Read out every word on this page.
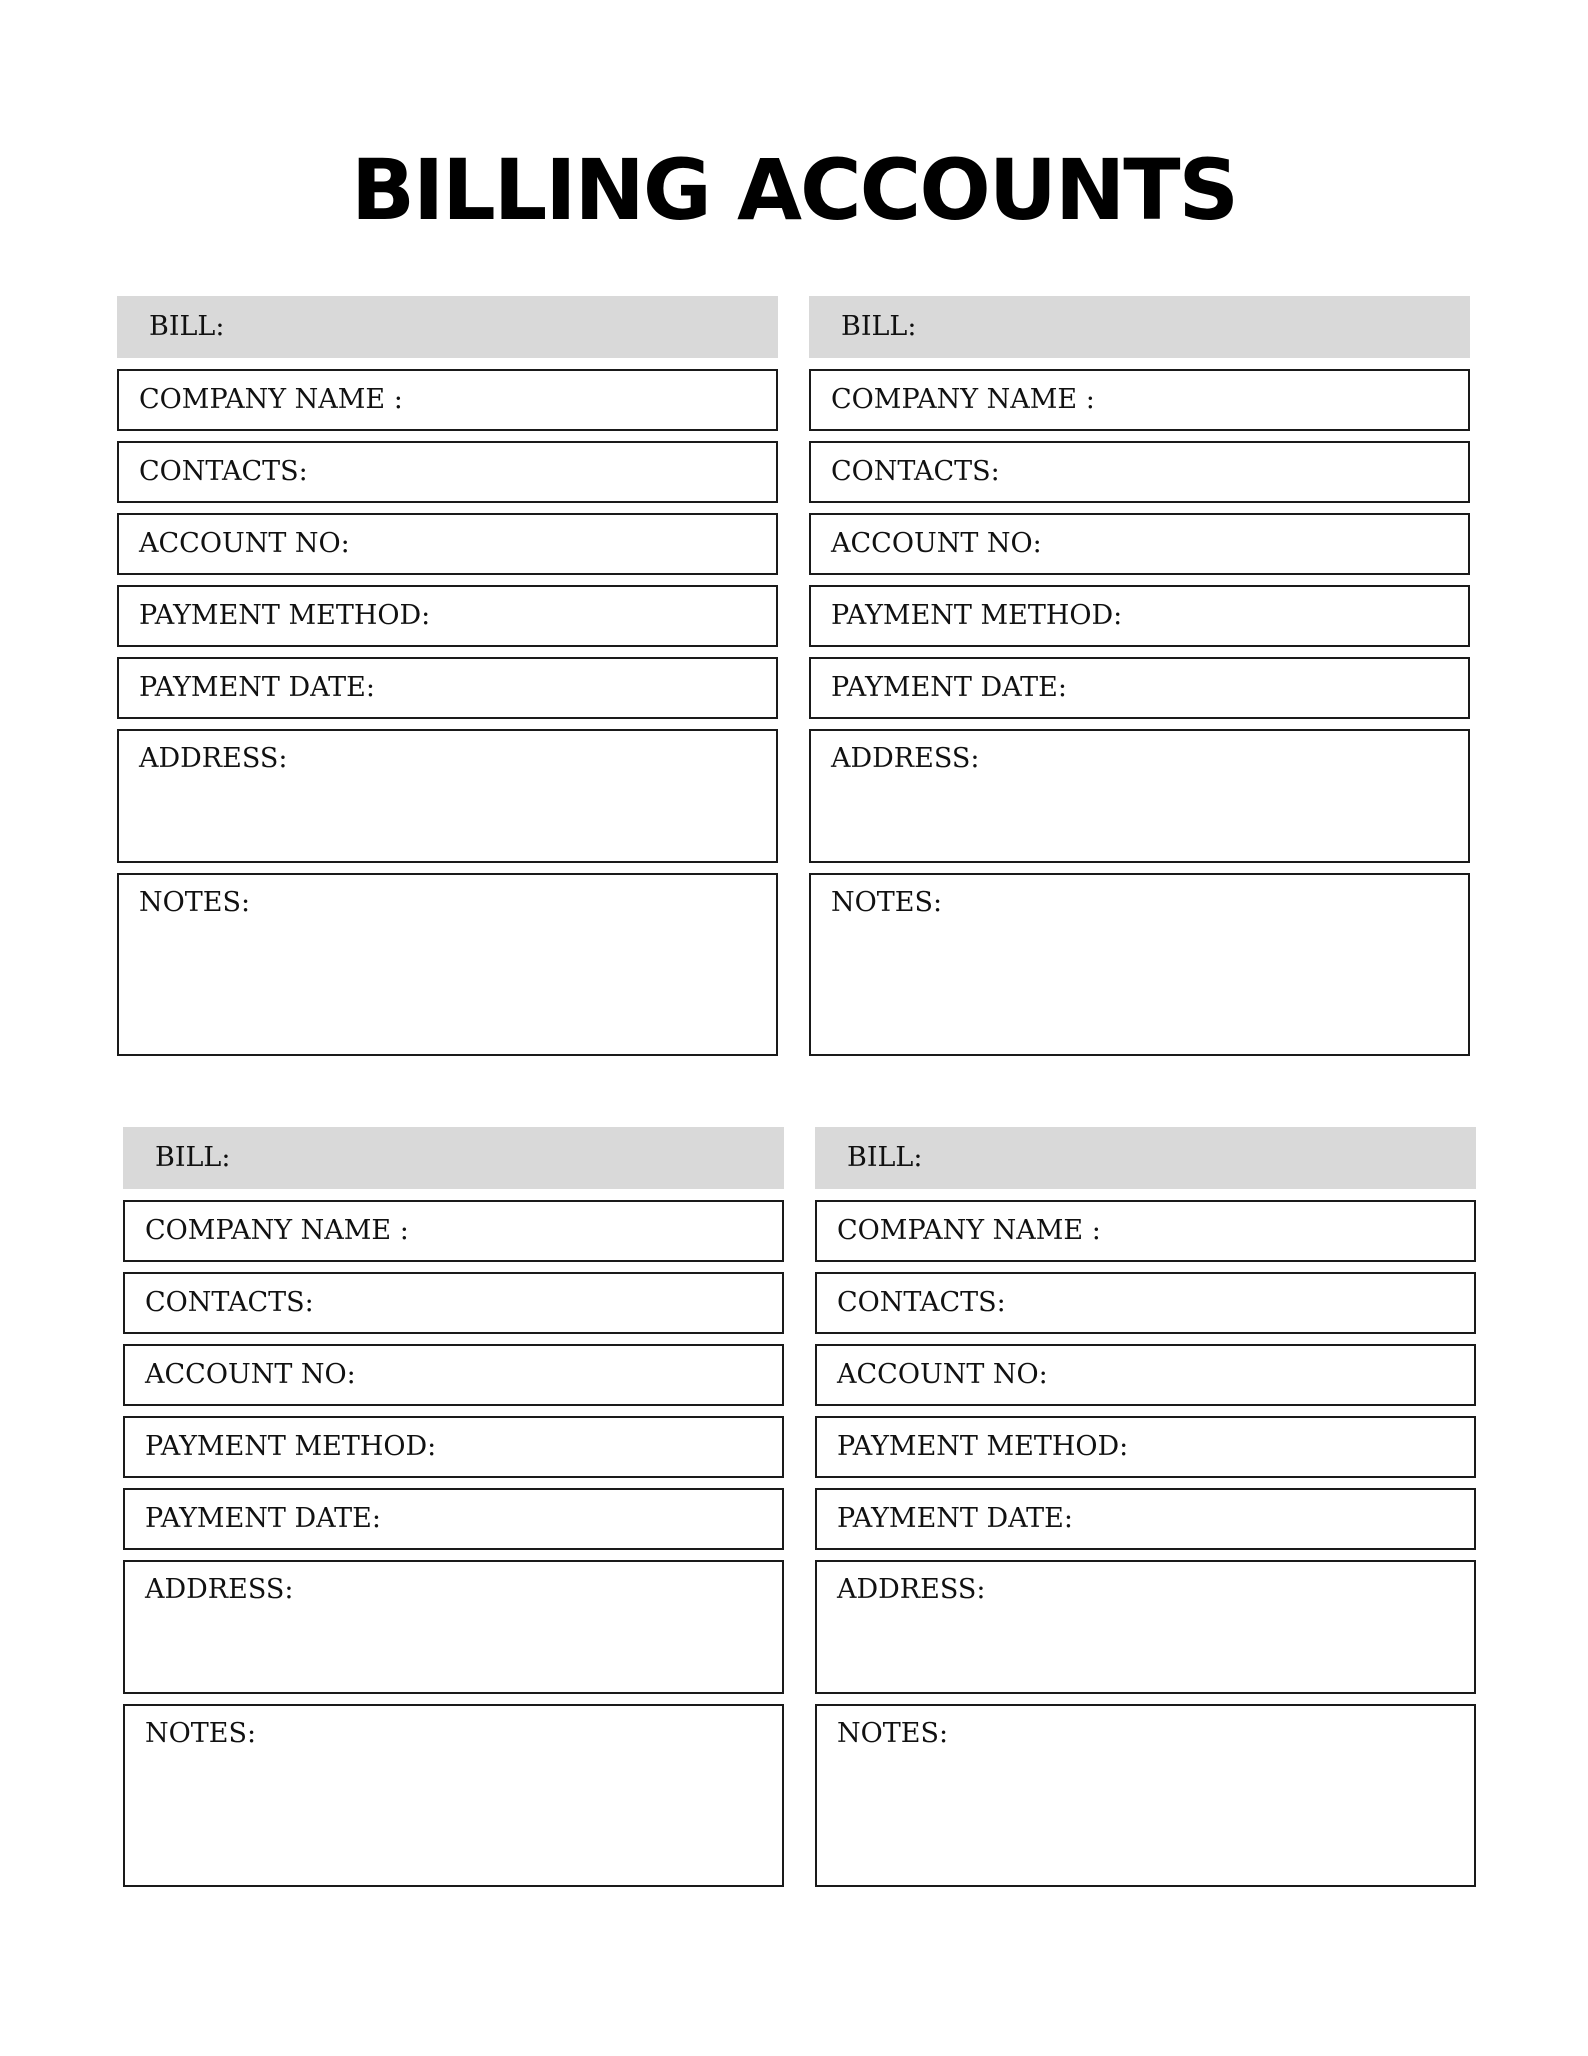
BILLING ACCOUNTS
BILL:
COMPANY NAME :
CONTACTS:
ACCOUNT NO:
PAYMENT METHOD:
PAYMENT DATE:
ADDRESS:
NOTES:
BILL:
COMPANY NAME :
CONTACTS:
ACCOUNT NO:
PAYMENT METHOD:
PAYMENT DATE:
ADDRESS:
NOTES:
BILL:
COMPANY NAME :
CONTACTS:
ACCOUNT NO:
PAYMENT METHOD:
PAYMENT DATE:
ADDRESS:
NOTES:
BILL:
COMPANY NAME :
CONTACTS:
ACCOUNT NO:
PAYMENT METHOD:
PAYMENT DATE:
ADDRESS:
NOTES:
